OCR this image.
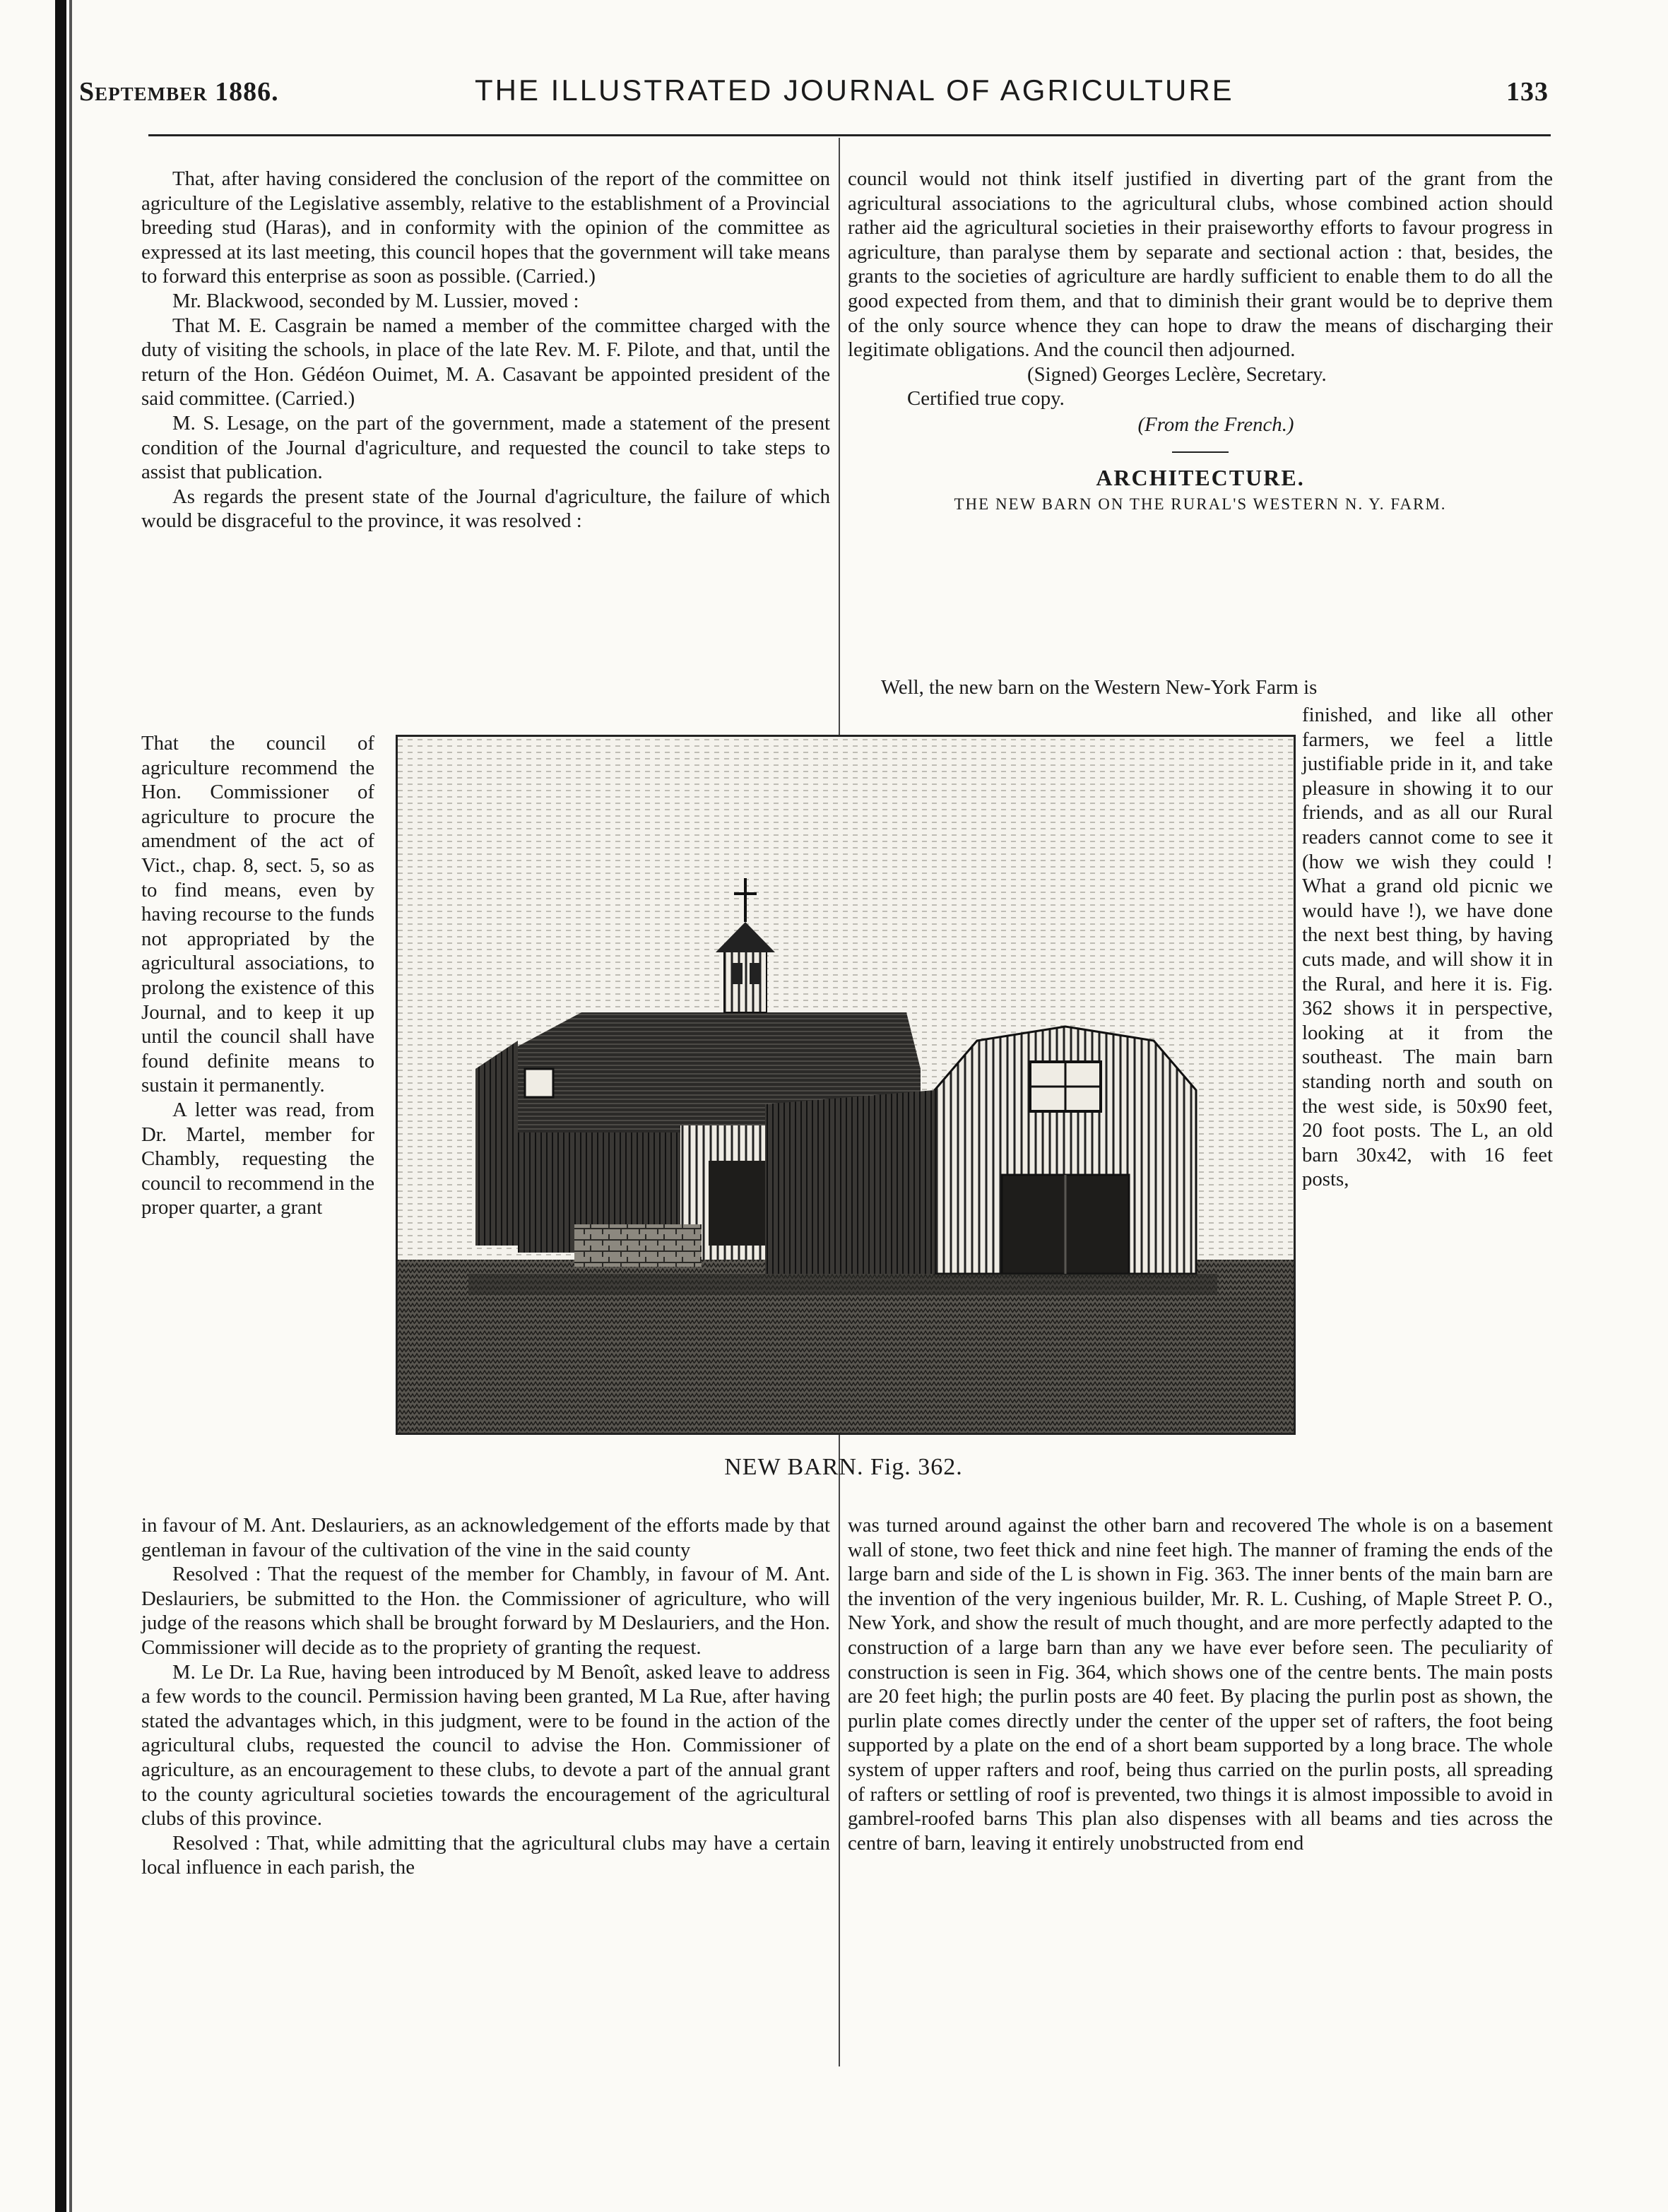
September 1886.	THE ILLUSTRATED JOURNAL OF AGRICULTURE	133

That, after having considered the conclusion of the report of the committee on agriculture of the Legislative assembly, relative to the establishment of a Provincial breeding stud (Haras), and in conformity with the opinion of the committee as expressed at its last meeting, this council hopes that the government will take means to forward this enterprise as soon as possible. (Carried.)

Mr. Blackwood, seconded by M. Lussier, moved :

That M. E. Casgrain be named a member of the committee charged with the duty of visiting the schools, in place of the late Rev. M. F. Pilote, and that, until the return of the Hon. Gédéon Ouimet, M. A. Casavant be appointed president of the said committee. (Carried.)

M. S. Lesage, on the part of the government, made a statement of the present condition of the Journal d'agriculture, and requested the council to take steps to assist that publication.

As regards the present state of the Journal d'agriculture, the failure of which would be disgraceful to the province, it was resolved :

That the council of agriculture recommend the Hon. Commissioner of agriculture to procure the amendment of the act of Vict., chap. 8, sect. 5, so as to find means, even by having recourse to the funds not appropriated by the agricultural associations, to prolong the existence of this Journal, and to keep it up until the council shall have found definite means to sustain it permanently.

A letter was read, from Dr. Martel, member for Chambly, requesting the council to recommend in the proper quarter, a grant

NEW BARN. Fig. 362.

in favour of M. Ant. Deslauriers, as an acknowledgement of the efforts made by that gentleman in favour of the cultivation of the vine in the said county

Resolved : That the request of the member for Chambly, in favour of M. Ant. Deslauriers, be submitted to the Hon. the Commissioner of agriculture, who will judge of the reasons which shall be brought forward by M Deslauriers, and the Hon. Commissioner will decide as to the propriety of granting the request.

M. Le Dr. La Rue, having been introduced by M Benoît, asked leave to address a few words to the council. Permission having been granted, M La Rue, after having stated the advantages which, in this judgment, were to be found in the action of the agricultural clubs, requested the council to advise the Hon. Commissioner of agriculture, as an encouragement to these clubs, to devote a part of the annual grant to the county agricultural societies towards the encouragement of the agricultural clubs of this province.

Resolved : That, while admitting that the agricultural clubs may have a certain local influence in each parish, the

council would not think itself justified in diverting part of the grant from the agricultural associations to the agricultural clubs, whose combined action should rather aid the agricultural societies in their praiseworthy efforts to favour progress in agriculture, than paralyse them by separate and sectional action : that, besides, the grants to the societies of agriculture are hardly sufficient to enable them to do all the good expected from them, and that to diminish their grant would be to deprive them of the only source whence they can hope to draw the means of discharging their legitimate obligations. And the council then adjourned.

(Signed) Georges Leclère, Secretary.

Certified true copy.

(From the French.)

ARCHITECTURE.

THE NEW BARN ON THE RURAL'S WESTERN N. Y. FARM.

Well, the new barn on the Western New-York Farm is

finished, and like all other farmers, we feel a little justifiable pride in it, and take pleasure in showing it to our friends, and as all our Rural readers cannot come to see it (how we wish they could ! What a grand old picnic we would have !), we have done the next best thing, by having cuts made, and will show it in the Rural, and here it is. Fig. 362 shows it in perspective, looking at it from the southeast. The main barn standing north and south on the west side, is 50x90 feet, 20 foot posts. The L, an old barn 30x42, with 16 feet posts,

was turned around against the other barn and recovered The whole is on a basement wall of stone, two feet thick and nine feet high. The manner of framing the ends of the large barn and side of the L is shown in Fig. 363. The inner bents of the main barn are the invention of the very ingenious builder, Mr. R. L. Cushing, of Maple Street P. O., New York, and show the result of much thought, and are more perfectly adapted to the construction of a large barn than any we have ever before seen. The peculiarity of construction is seen in Fig. 364, which shows one of the centre bents. The main posts are 20 feet high; the purlin posts are 40 feet. By placing the purlin post as shown, the purlin plate comes directly under the center of the upper set of rafters, the foot being supported by a plate on the end of a short beam supported by a long brace. The whole system of upper rafters and roof, being thus carried on the purlin posts, all spreading of rafters or settling of roof is prevented, two things it is almost impossible to avoid in gambrel-roofed barns This plan also dispenses with all beams and ties across the centre of barn, leaving it entirely unobstructed from end
